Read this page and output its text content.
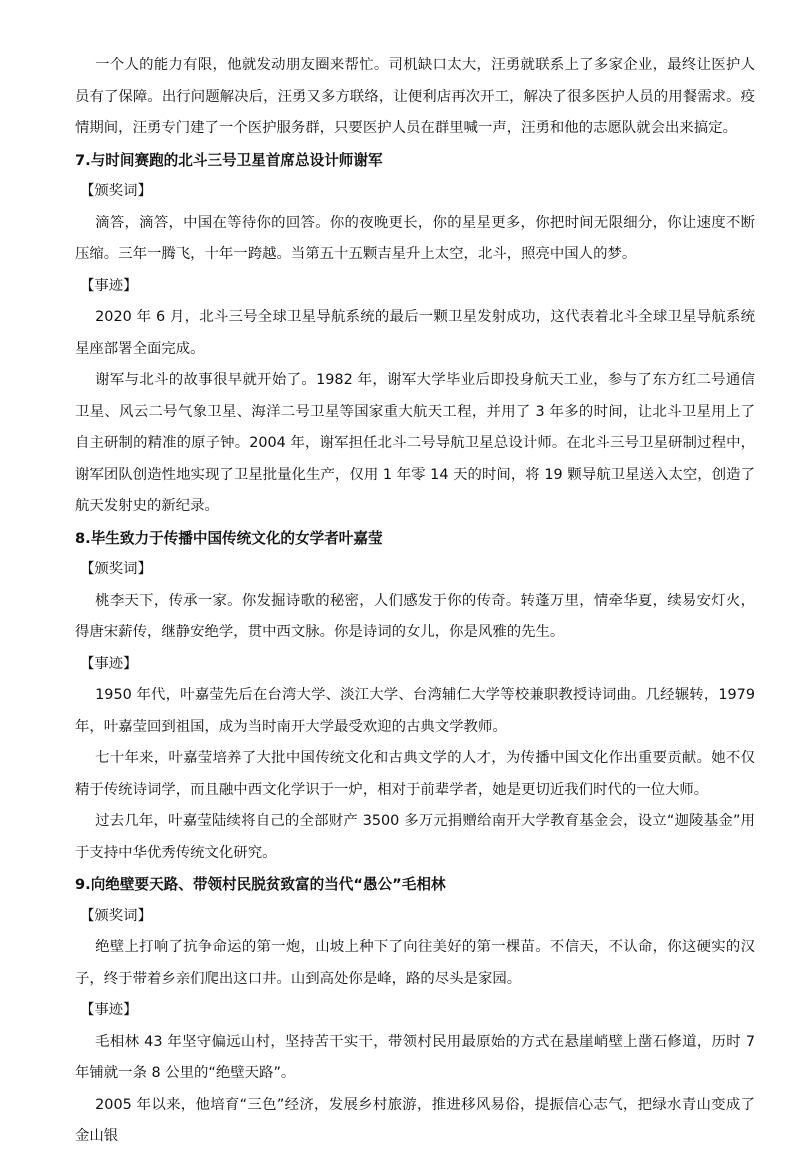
一个人的能力有限，他就发动朋友圈来帮忙。司机缺口太大，汪勇就联系上了多家企业，最终让医护人员有了保障。出行问题解决后，汪勇又多方联络，让便利店再次开工，解决了很多医护人员的用餐需求。疫情期间，汪勇专门建了一个医护服务群，只要医护人员在群里喊一声，汪勇和他的志愿队就会出来搞定。

7.与时间赛跑的北斗三号卫星首席总设计师谢军

【颁奖词】

滴答，滴答，中国在等待你的回答。你的夜晚更长，你的星星更多，你把时间无限细分，你让速度不断压缩。三年一腾飞，十年一跨越。当第五十五颗吉星升上太空，北斗，照亮中国人的梦。

【事迹】

2020 年 6 月，北斗三号全球卫星导航系统的最后一颗卫星发射成功，这代表着北斗全球卫星导航系统星座部署全面完成。

谢军与北斗的故事很早就开始了。1982 年，谢军大学毕业后即投身航天工业，参与了东方红二号通信卫星、风云二号气象卫星、海洋二号卫星等国家重大航天工程，并用了 3 年多的时间，让北斗卫星用上了自主研制的精准的原子钟。2004 年，谢军担任北斗二号导航卫星总设计师。在北斗三号卫星研制过程中，谢军团队创造性地实现了卫星批量化生产，仅用 1 年零 14 天的时间，将 19 颗导航卫星送入太空，创造了航天发射史的新纪录。

8.毕生致力于传播中国传统文化的女学者叶嘉莹

【颁奖词】

桃李天下，传承一家。你发掘诗歌的秘密，人们感发于你的传奇。转蓬万里，情牵华夏，续易安灯火，得唐宋薪传，继静安绝学，贯中西文脉。你是诗词的女儿，你是风雅的先生。

【事迹】

1950 年代，叶嘉莹先后在台湾大学、淡江大学、台湾辅仁大学等校兼职教授诗词曲。几经辗转，1979 年，叶嘉莹回到祖国，成为当时南开大学最受欢迎的古典文学教师。

七十年来，叶嘉莹培养了大批中国传统文化和古典文学的人才，为传播中国文化作出重要贡献。她不仅精于传统诗词学，而且融中西文化学识于一炉，相对于前辈学者，她是更切近我们时代的一位大师。

过去几年，叶嘉莹陆续将自己的全部财产 3500 多万元捐赠给南开大学教育基金会，设立“迦陵基金”用于支持中华优秀传统文化研究。

9.向绝壁要天路、带领村民脱贫致富的当代“愚公”毛相林

【颁奖词】

绝壁上打响了抗争命运的第一炮，山坡上种下了向往美好的第一棵苗。不信天，不认命，你这硬实的汉子，终于带着乡亲们爬出这口井。山到高处你是峰，路的尽头是家园。

【事迹】

毛相林 43 年坚守偏远山村，坚持苦干实干，带领村民用最原始的方式在悬崖峭壁上凿石修道，历时 7 年铺就一条 8 公里的“绝壁天路”。

2005 年以来，他培育“三色”经济，发展乡村旅游，推进移风易俗，提振信心志气，把绿水青山变成了金山银
